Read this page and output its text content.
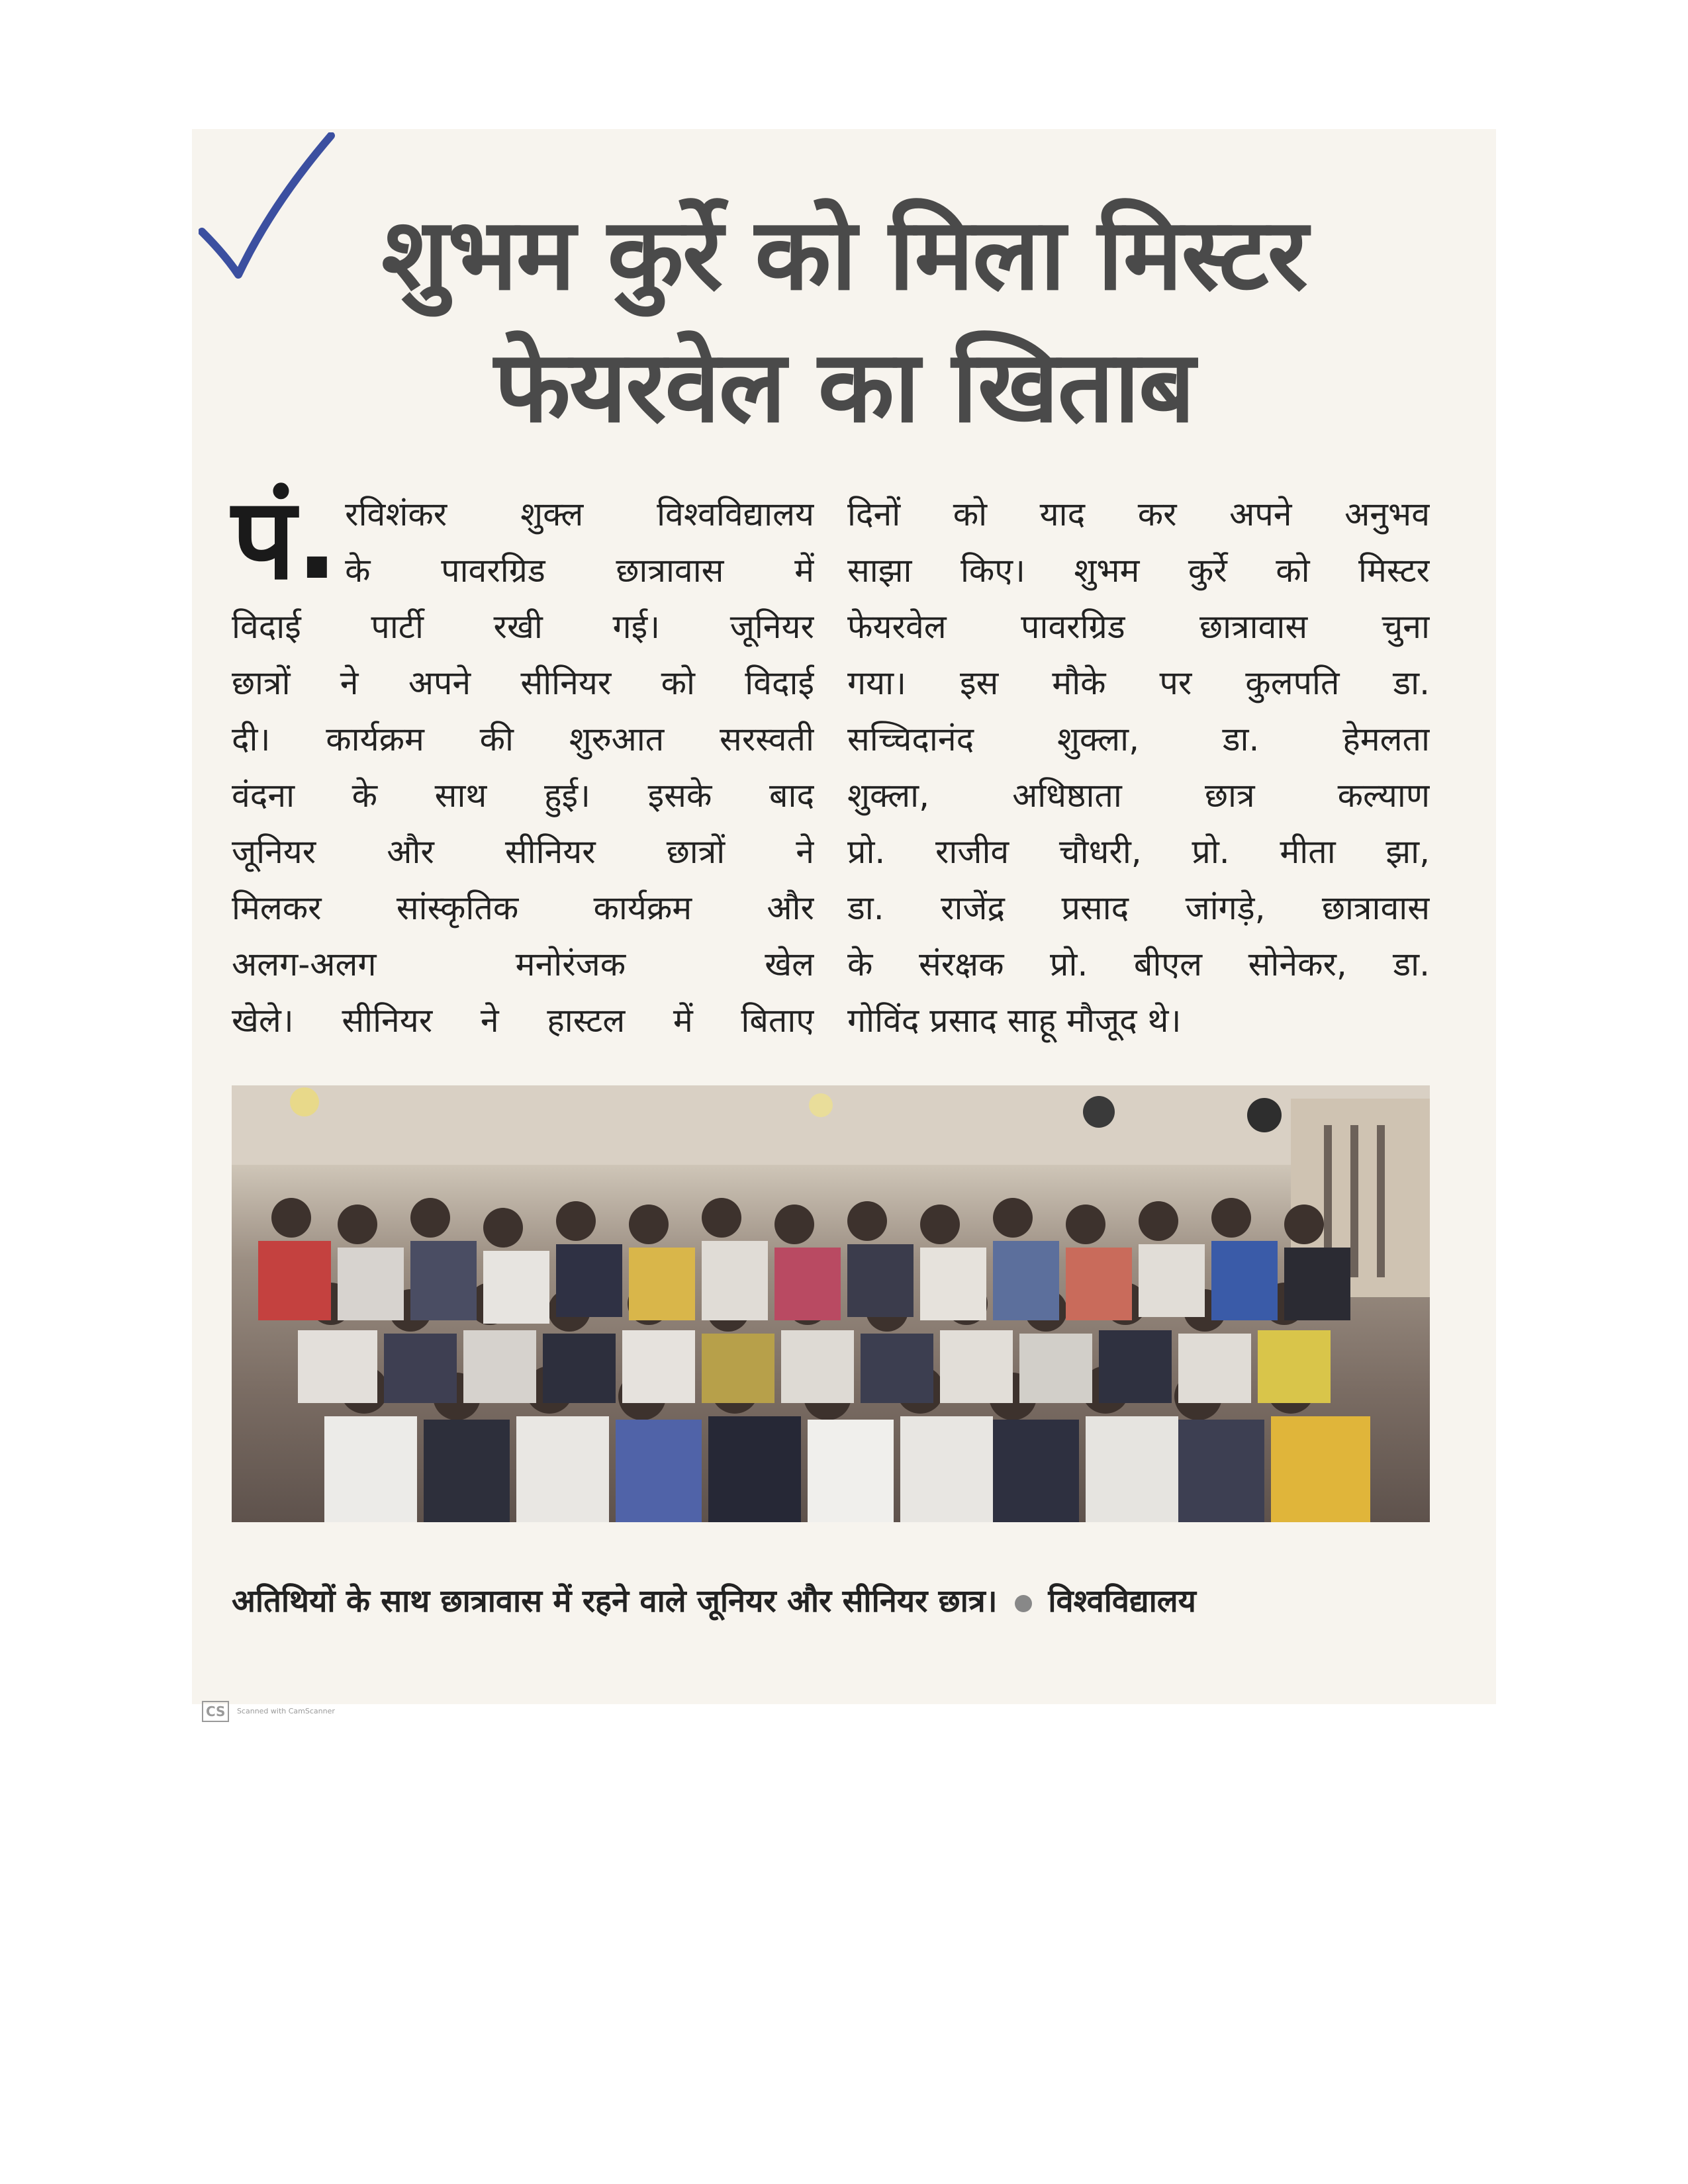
शुभम कुर्रे को मिला मिस्टर
फेयरवेल का खिताब
पं. रविशंकर शुक्ल विश्वविद्यालय
के पावरग्रिड छात्रावास में
विदाई पार्टी रखी गई। जूनियर
छात्रों ने अपने सीनियर को विदाई
दी। कार्यक्रम की शुरुआत सरस्वती
वंदना के साथ हुई। इसके बाद
जूनियर और सीनियर छात्रों ने
मिलकर सांस्कृतिक कार्यक्रम और
अलग-अलग मनोरंजक खेल
खेले। सीनियर ने हास्टल में बिताए
दिनों को याद कर अपने अनुभव
साझा किए। शुभम कुर्रे को मिस्टर
फेयरवेल पावरग्रिड छात्रावास चुना
गया। इस मौके पर कुलपति डा.
सच्चिदानंद शुक्ला, डा. हेमलता
शुक्ला, अधिष्ठाता छात्र कल्याण
प्रो. राजीव चौधरी, प्रो. मीता झा,
डा. राजेंद्र प्रसाद जांगड़े, छात्रावास
के संरक्षक प्रो. बीएल सोनेकर, डा.
गोविंद प्रसाद साहू मौजूद थे।
अतिथियों के साथ छात्रावास में रहने वाले जूनियर और सीनियर छात्र। विश्वविद्यालय
CS Scanned with CamScanner
